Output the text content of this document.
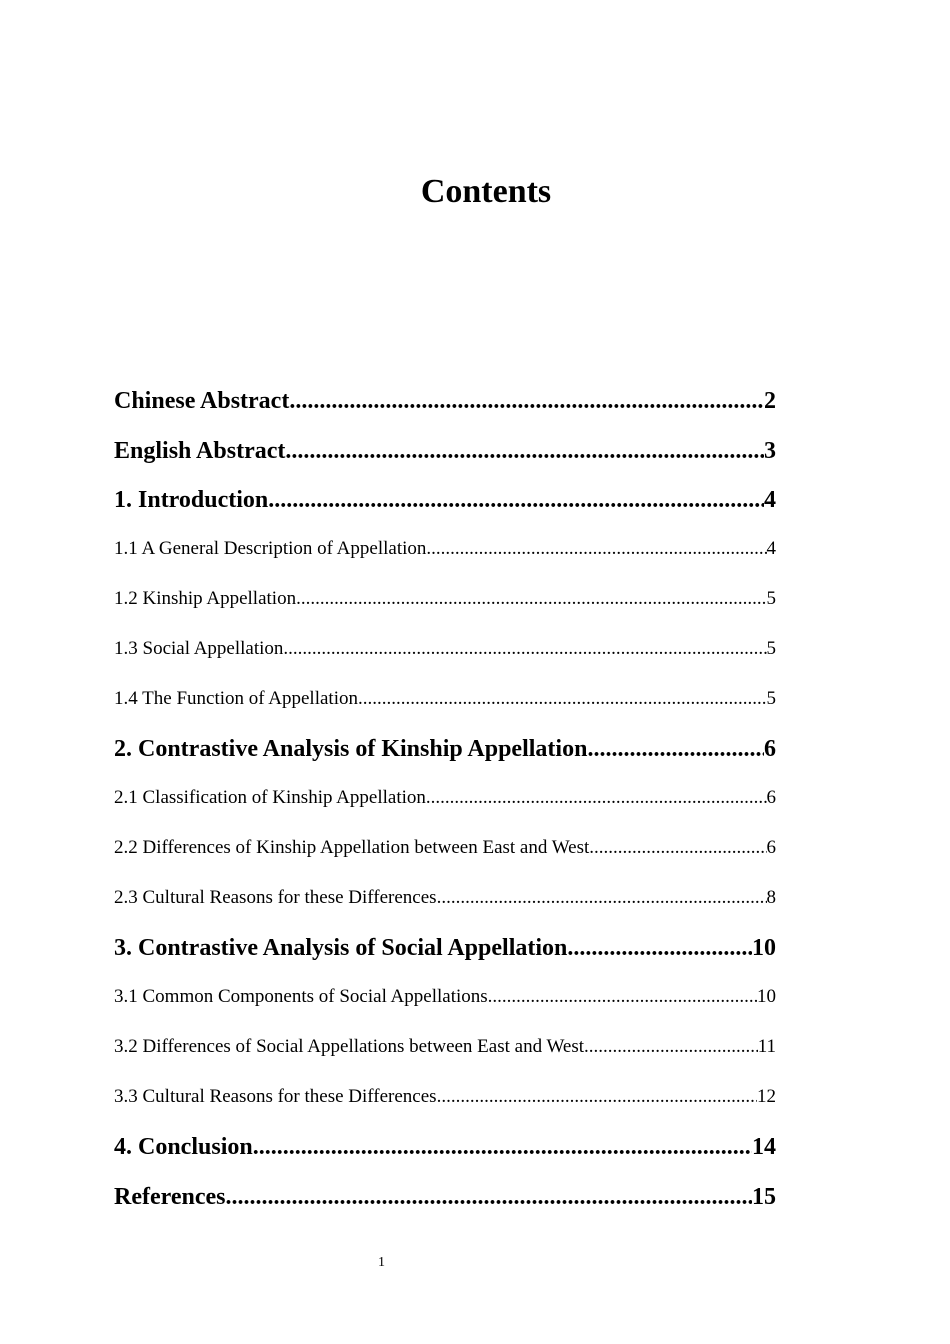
Contents
Chinese Abstract .....	2
English Abstract .....	3
1. Introduction .....	4
1.1 A General Description of Appellation .....	4
1.2 Kinship Appellation .....	5
1.3 Social Appellation .....	5
1.4 The Function of Appellation .....	5
2. Contrastive Analysis of Kinship Appellation .....	6
2.1 Classification of Kinship Appellation .....	6
2.2 Differences of Kinship Appellation between East and West .....	6
2.3 Cultural Reasons for these Differences .....	8
3. Contrastive Analysis of Social Appellation .....	10
3.1 Common Components of Social Appellations .....	10
3.2 Differences of Social Appellations between East and West .....	11
3.3 Cultural Reasons for these Differences .....	12
4. Conclusion .....	14
References .....	15
1
